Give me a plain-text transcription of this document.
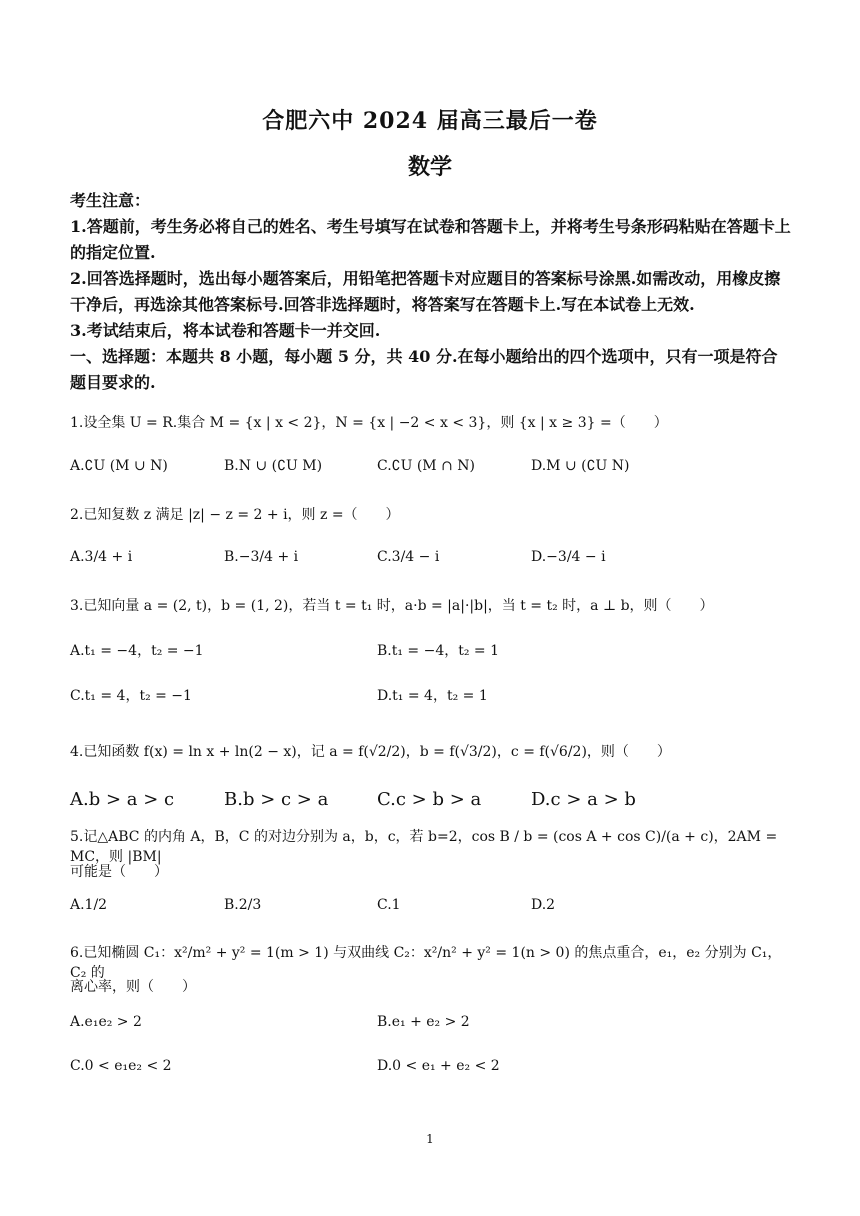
合肥六中 2024 届高三最后一卷
数学
考生注意：
1.答题前，考生务必将自己的姓名、考生号填写在试卷和答题卡上，并将考生号条形码粘贴在答题卡上的指定位置.
2.回答选择题时，选出每小题答案后，用铅笔把答题卡对应题目的答案标号涂黑.如需改动，用橡皮擦干净后，再选涂其他答案标号.回答非选择题时，将答案写在答题卡上.写在本试卷上无效.
3.考试结束后，将本试卷和答题卡一并交回.
一、选择题：本题共 8 小题，每小题 5 分，共 40 分.在每小题给出的四个选项中，只有一项是符合题目要求的.
1.设全集 U = R.集合 M = {x | x < 2}，N = {x | −2 < x < 3}，则 {x | x ≥ 3} =（　　）
A.∁U (M ∪ N)	B.N ∪ (∁U M)	C.∁U (M ∩ N)	D.M ∪ (∁U N)
2.已知复数 z 满足 |z| − z = 2 + i，则 z =（　　）
A.3/4 + i	B.−3/4 + i	C.3/4 − i	D.−3/4 − i
3.已知向量 a = (2, t)，b = (1, 2)，若当 t = t₁ 时，a·b = |a|·|b|，当 t = t₂ 时，a ⊥ b，则（　　）
A.t₁ = −4，t₂ = −1	B.t₁ = −4，t₂ = 1
C.t₁ = 4，t₂ = −1	D.t₁ = 4，t₂ = 1
4.已知函数 f(x) = ln x + ln(2 − x)，记 a = f(√2/2)，b = f(√3/2)，c = f(√6/2)，则（　　）
A.b > a > c	B.b > c > a	C.c > b > a	D.c > a > b
5.记△ABC 的内角 A，B，C 的对边分别为 a，b，c，若 b=2，cos B / b = (cos A + cos C)/(a + c)，2AM = MC，则 |BM|
可能是（　　）
A.1/2	B.2/3	C.1	D.2
6.已知椭圆 C₁：x²/m² + y² = 1(m > 1) 与双曲线 C₂：x²/n² + y² = 1(n > 0) 的焦点重合，e₁，e₂ 分别为 C₁，C₂ 的
离心率，则（　　）
A.e₁e₂ > 2	B.e₁ + e₂ > 2
C.0 < e₁e₂ < 2	D.0 < e₁ + e₂ < 2
1
